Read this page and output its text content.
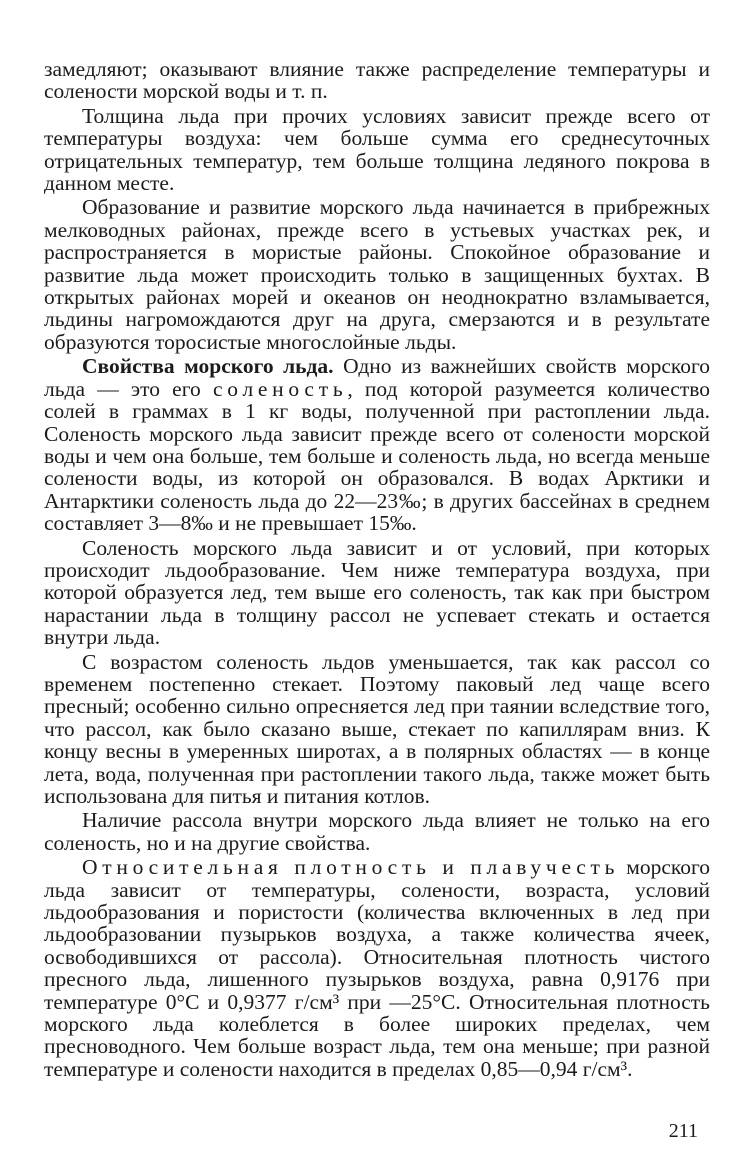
замедляют; оказывают влияние также распределение температуры и солености морской воды и т. п.

Толщина льда при прочих условиях зависит прежде всего от температуры воздуха: чем больше сумма его среднесуточных отрицательных температур, тем больше толщина ледяного покрова в данном месте.

Образование и развитие морского льда начинается в прибрежных мелководных районах, прежде всего в устьевых участках рек, и распространяется в мористые районы. Спокойное образование и развитие льда может происходить только в защищенных бухтах. В открытых районах морей и океанов он неоднократно взламывается, льдины нагромождаются друг на друга, смерзаются и в результате образуются торосистые многослойные льды.

Свойства морского льда. Одно из важнейших свойств морского льда — это его соленость, под которой разумеется количество солей в граммах в 1 кг воды, полученной при растоплении льда. Соленость морского льда зависит прежде всего от солености морской воды и чем она больше, тем больше и соленость льда, но всегда меньше солености воды, из которой он образовался. В водах Арктики и Антарктики соленость льда до 22—23‰; в других бассейнах в среднем составляет 3—8‰ и не превышает 15‰.

Соленость морского льда зависит и от условий, при которых происходит льдообразование. Чем ниже температура воздуха, при которой образуется лед, тем выше его соленость, так как при быстром нарастании льда в толщину рассол не успевает стекать и остается внутри льда.

С возрастом соленость льдов уменьшается, так как рассол со временем постепенно стекает. Поэтому паковый лед чаще всего пресный; особенно сильно опресняется лед при таянии вследствие того, что рассол, как было сказано выше, стекает по капиллярам вниз. К концу весны в умеренных широтах, а в полярных областях — в конце лета, вода, полученная при растоплении такого льда, также может быть использована для питья и питания котлов.

Наличие рассола внутри морского льда влияет не только на его соленость, но и на другие свойства.

Относительная плотность и плавучесть морского льда зависит от температуры, солености, возраста, условий льдообразования и пористости (количества включенных в лед при льдообразовании пузырьков воздуха, а также количества ячеек, освободившихся от рассола). Относительная плотность чистого пресного льда, лишенного пузырьков воздуха, равна 0,9176 при температуре 0°С и 0,9377 г/см³ при —25°С. Относительная плотность морского льда колеблется в более широких пределах, чем пресноводного. Чем больше возраст льда, тем она меньше; при разной температуре и солености находится в пределах 0,85—0,94 г/см³.

211
